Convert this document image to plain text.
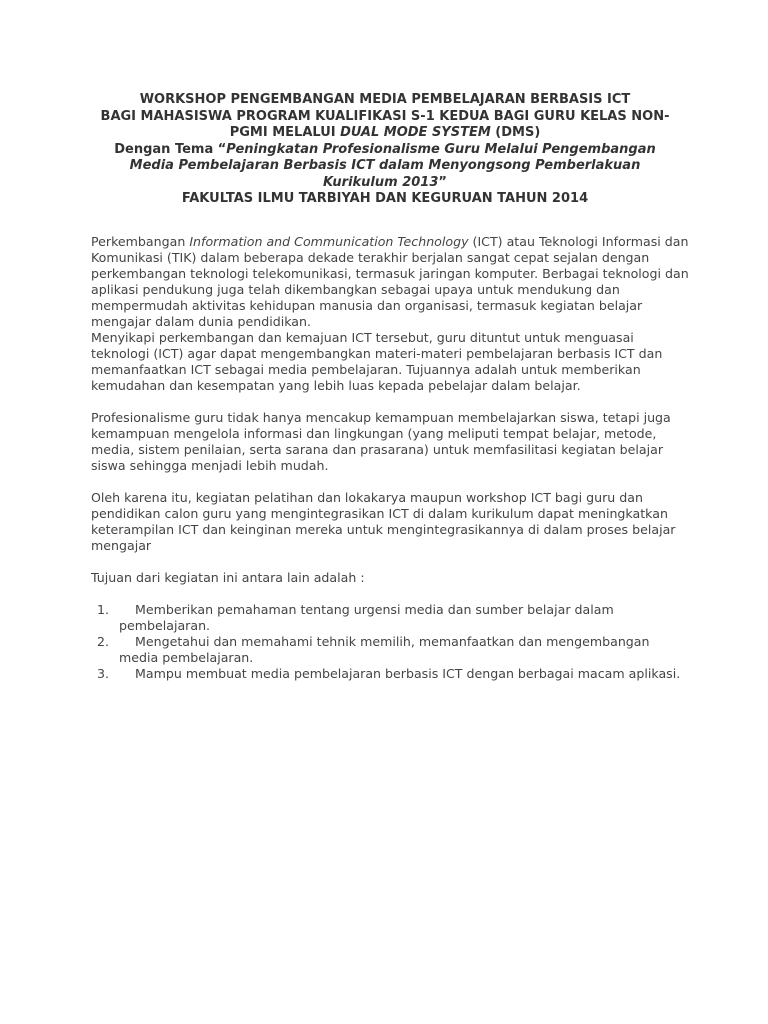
WORKSHOP PENGEMBANGAN MEDIA PEMBELAJARAN BERBASIS ICT
BAGI MAHASISWA PROGRAM KUALIFIKASI S-1 KEDUA BAGI GURU KELAS NON-
PGMI MELALUI DUAL MODE SYSTEM (DMS)
Dengan Tema “Peningkatan Profesionalisme Guru Melalui Pengembangan
Media Pembelajaran Berbasis ICT dalam Menyongsong Pemberlakuan
Kurikulum 2013”
FAKULTAS ILMU TARBIYAH DAN KEGURUAN TAHUN 2014

Perkembangan Information and Communication Technology (ICT) atau Teknologi Informasi dan Komunikasi (TIK) dalam beberapa dekade terakhir berjalan sangat cepat sejalan dengan perkembangan teknologi telekomunikasi, termasuk jaringan komputer. Berbagai teknologi dan aplikasi pendukung juga telah dikembangkan sebagai upaya untuk mendukung dan mempermudah aktivitas kehidupan manusia dan organisasi, termasuk kegiatan belajar mengajar dalam dunia pendidikan.

Menyikapi perkembangan dan kemajuan ICT tersebut, guru dituntut untuk menguasai teknologi (ICT) agar dapat mengembangkan materi-materi pembelajaran berbasis ICT dan memanfaatkan ICT sebagai media pembelajaran. Tujuannya adalah untuk memberikan kemudahan dan kesempatan yang lebih luas kepada pebelajar dalam belajar.

Profesionalisme guru tidak hanya mencakup kemampuan membelajarkan siswa, tetapi juga kemampuan mengelola informasi dan lingkungan (yang meliputi tempat belajar, metode, media, sistem penilaian, serta sarana dan prasarana) untuk memfasilitasi kegiatan belajar siswa sehingga menjadi lebih mudah.

Oleh karena itu, kegiatan pelatihan dan lokakarya maupun workshop ICT bagi guru dan pendidikan calon guru yang mengintegrasikan ICT di dalam kurikulum dapat meningkatkan keterampilan ICT dan keinginan mereka untuk mengintegrasikannya di dalam proses belajar mengajar

Tujuan dari kegiatan ini antara lain adalah :

1.	Memberikan pemahaman tentang urgensi media dan sumber belajar dalam pembelajaran.
2.	Mengetahui dan memahami tehnik memilih, memanfaatkan dan mengembangan media pembelajaran.
3.	Mampu membuat media pembelajaran berbasis ICT dengan berbagai macam aplikasi.
